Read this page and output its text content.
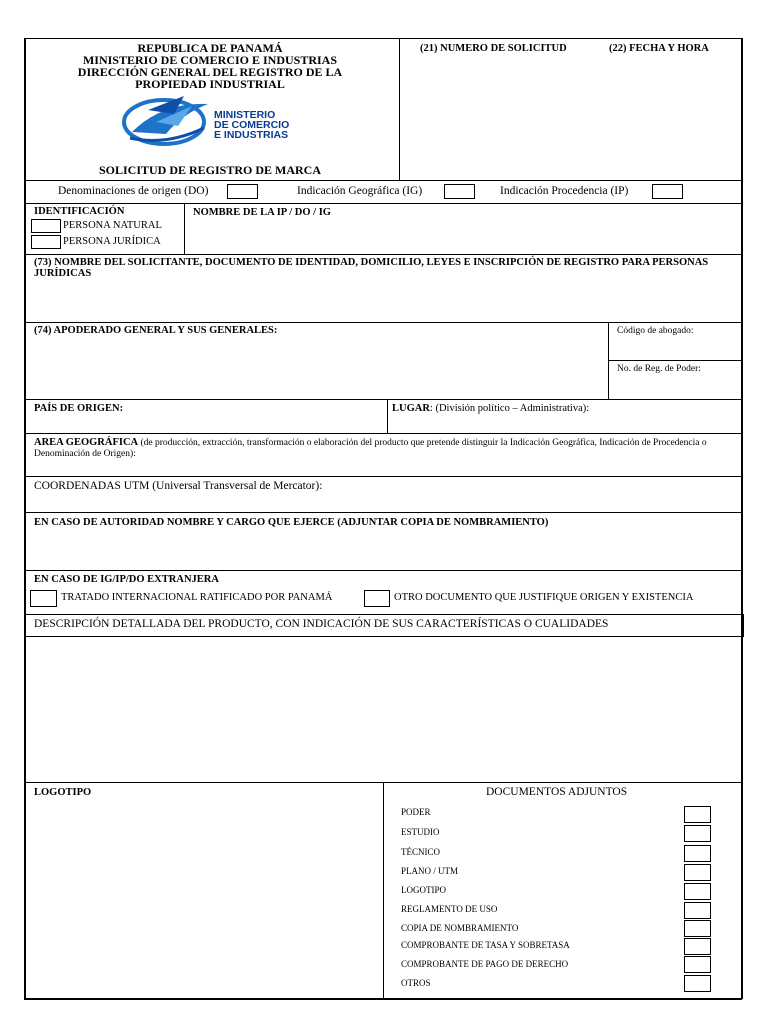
REPUBLICA DE PANAMÁ
MINISTERIO DE COMERCIO E INDUSTRIAS
DIRECCIÓN GENERAL DEL REGISTRO DE LA
PROPIEDAD INDUSTRIAL
MINISTERIO
DE COMERCIO
E INDUSTRIAS
SOLICITUD DE REGISTRO DE MARCA
(21) NUMERO DE SOLICITUD	(22) FECHA Y HORA
Denominaciones de origen (DO)	Indicación Geográfica (IG)	Indicación Procedencia (IP)
IDENTIFICACIÓN
PERSONA NATURAL
PERSONA JURÍDICA
NOMBRE DE LA IP / DO / IG
(73) NOMBRE DEL SOLICITANTE, DOCUMENTO DE IDENTIDAD, DOMICILIO, LEYES E INSCRIPCIÓN DE REGISTRO PARA PERSONAS JURÍDICAS
(74) APODERADO GENERAL Y SUS GENERALES:	Código de abogado:
No. de Reg. de Poder:
PAÍS DE ORIGEN:	LUGAR: (División político – Administrativa):
AREA GEOGRÁFICA (de producción, extracción, transformación o elaboración del producto que pretende distinguir la Indicación Geográfica, Indicación de Procedencia o Denominación de Origen):
COORDENADAS UTM (Universal Transversal de Mercator):
EN CASO DE AUTORIDAD NOMBRE Y CARGO QUE EJERCE (ADJUNTAR COPIA DE NOMBRAMIENTO)
EN CASO DE IG/IP/DO EXTRANJERA
TRATADO INTERNACIONAL RATIFICADO POR PANAMÁ	OTRO DOCUMENTO QUE JUSTIFIQUE ORIGEN Y EXISTENCIA
DESCRIPCIÓN DETALLADA DEL PRODUCTO, CON INDICACIÓN DE SUS CARACTERÍSTICAS O CUALIDADES
LOGOTIPO	DOCUMENTOS ADJUNTOS
PODER
ESTUDIO
TÉCNICO
PLANO / UTM
LOGOTIPO
REGLAMENTO DE USO
COPIA DE NOMBRAMIENTO
COMPROBANTE DE TASA Y SOBRETASA
COMPROBANTE DE PAGO DE DERECHO
OTROS
